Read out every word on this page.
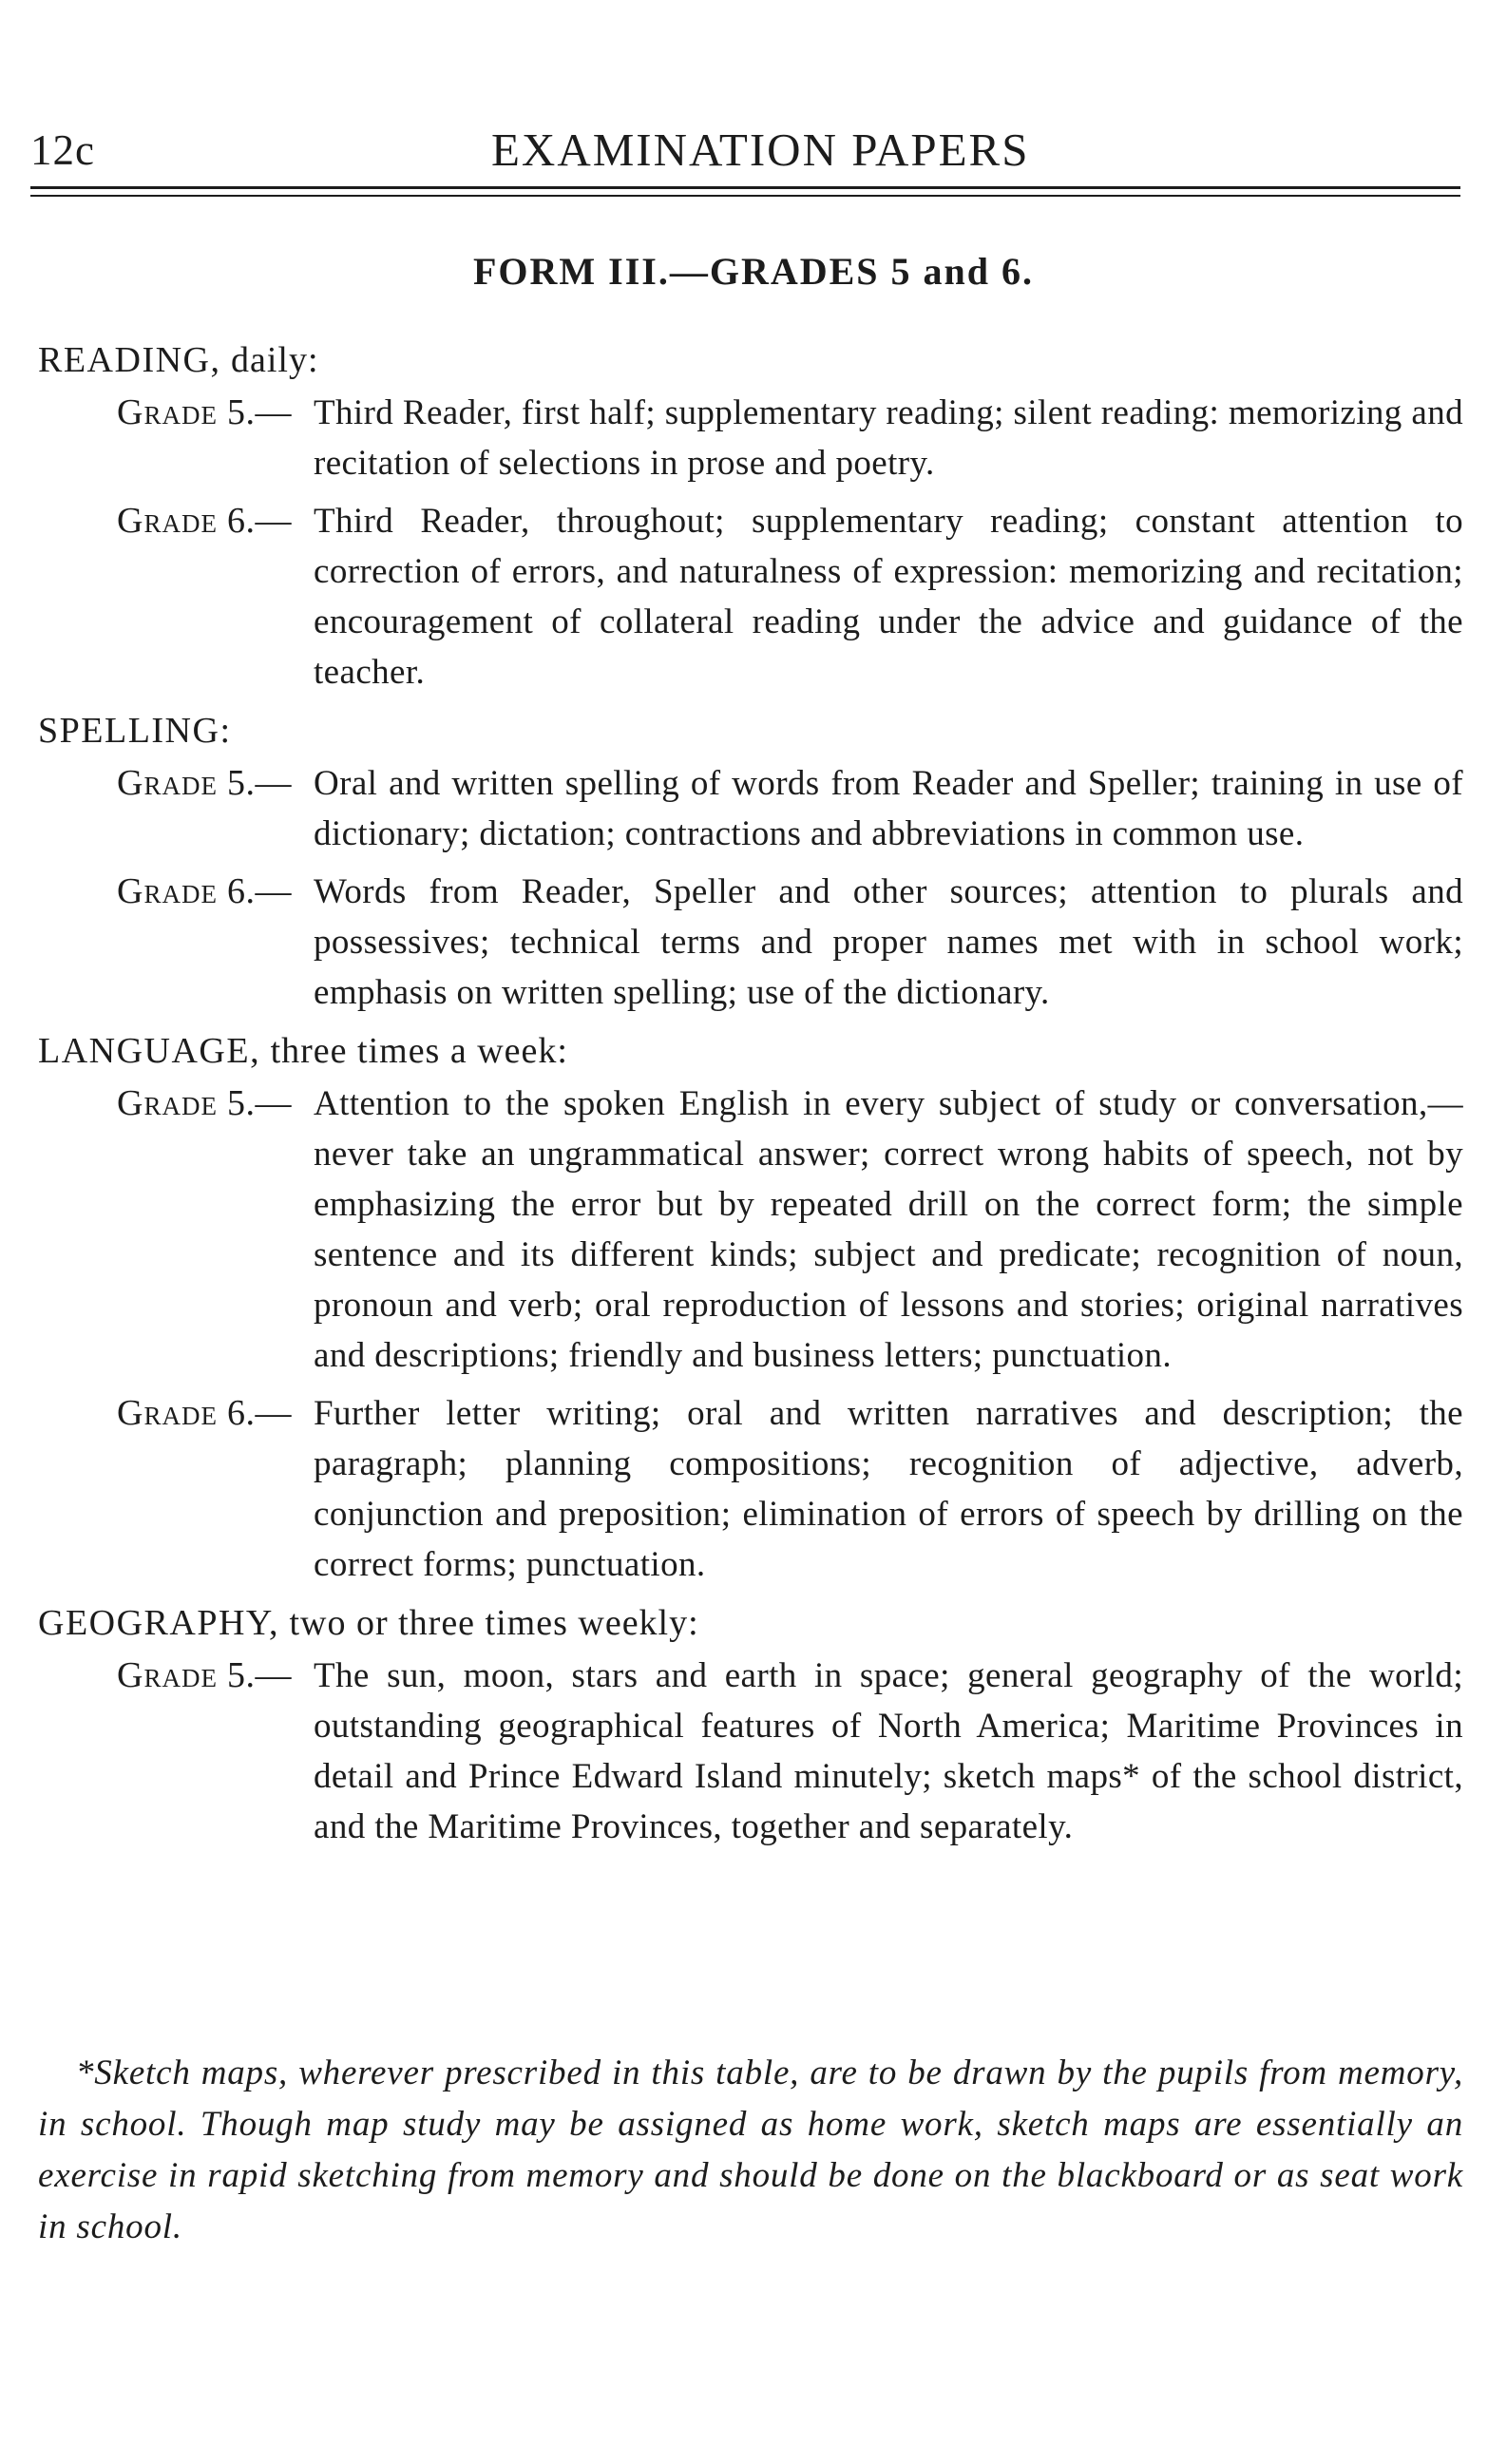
12c	EXAMINATION PAPERS
FORM III.—GRADES 5 and 6.
READING, daily:
Grade 5.— Third Reader, first half; supplementary reading; silent reading: memorizing and recitation of selections in prose and poetry.
Grade 6.— Third Reader, throughout; supplementary reading; constant attention to correction of errors, and naturalness of expression: memorizing and recitation; encouragement of collateral reading under the advice and guidance of the teacher.
SPELLING:
Grade 5.— Oral and written spelling of words from Reader and Speller; training in use of dictionary; dictation; contractions and abbreviations in common use.
Grade 6.— Words from Reader, Speller and other sources; attention to plurals and possessives; technical terms and proper names met with in school work; emphasis on written spelling; use of the dictionary.
LANGUAGE, three times a week:
Grade 5.— Attention to the spoken English in every subject of study or conversation,—never take an ungrammatical answer; correct wrong habits of speech, not by emphasizing the error but by repeated drill on the correct form; the simple sentence and its different kinds; subject and predicate; recognition of noun, pronoun and verb; oral reproduction of lessons and stories; original narratives and descriptions; friendly and business letters; punctuation.
Grade 6.— Further letter writing; oral and written narratives and description; the paragraph; planning compositions; recognition of adjective, adverb, conjunction and preposition; elimination of errors of speech by drilling on the correct forms; punctuation.
GEOGRAPHY, two or three times weekly:
Grade 5.— The sun, moon, stars and earth in space; general geography of the world; outstanding geographical features of North America; Maritime Provinces in detail and Prince Edward Island minutely; sketch maps* of the school district, and the Maritime Provinces, together and separately.
*Sketch maps, wherever prescribed in this table, are to be drawn by the pupils from memory, in school. Though map study may be assigned as home work, sketch maps are essentially an exercise in rapid sketching from memory and should be done on the blackboard or as seat work in school.
